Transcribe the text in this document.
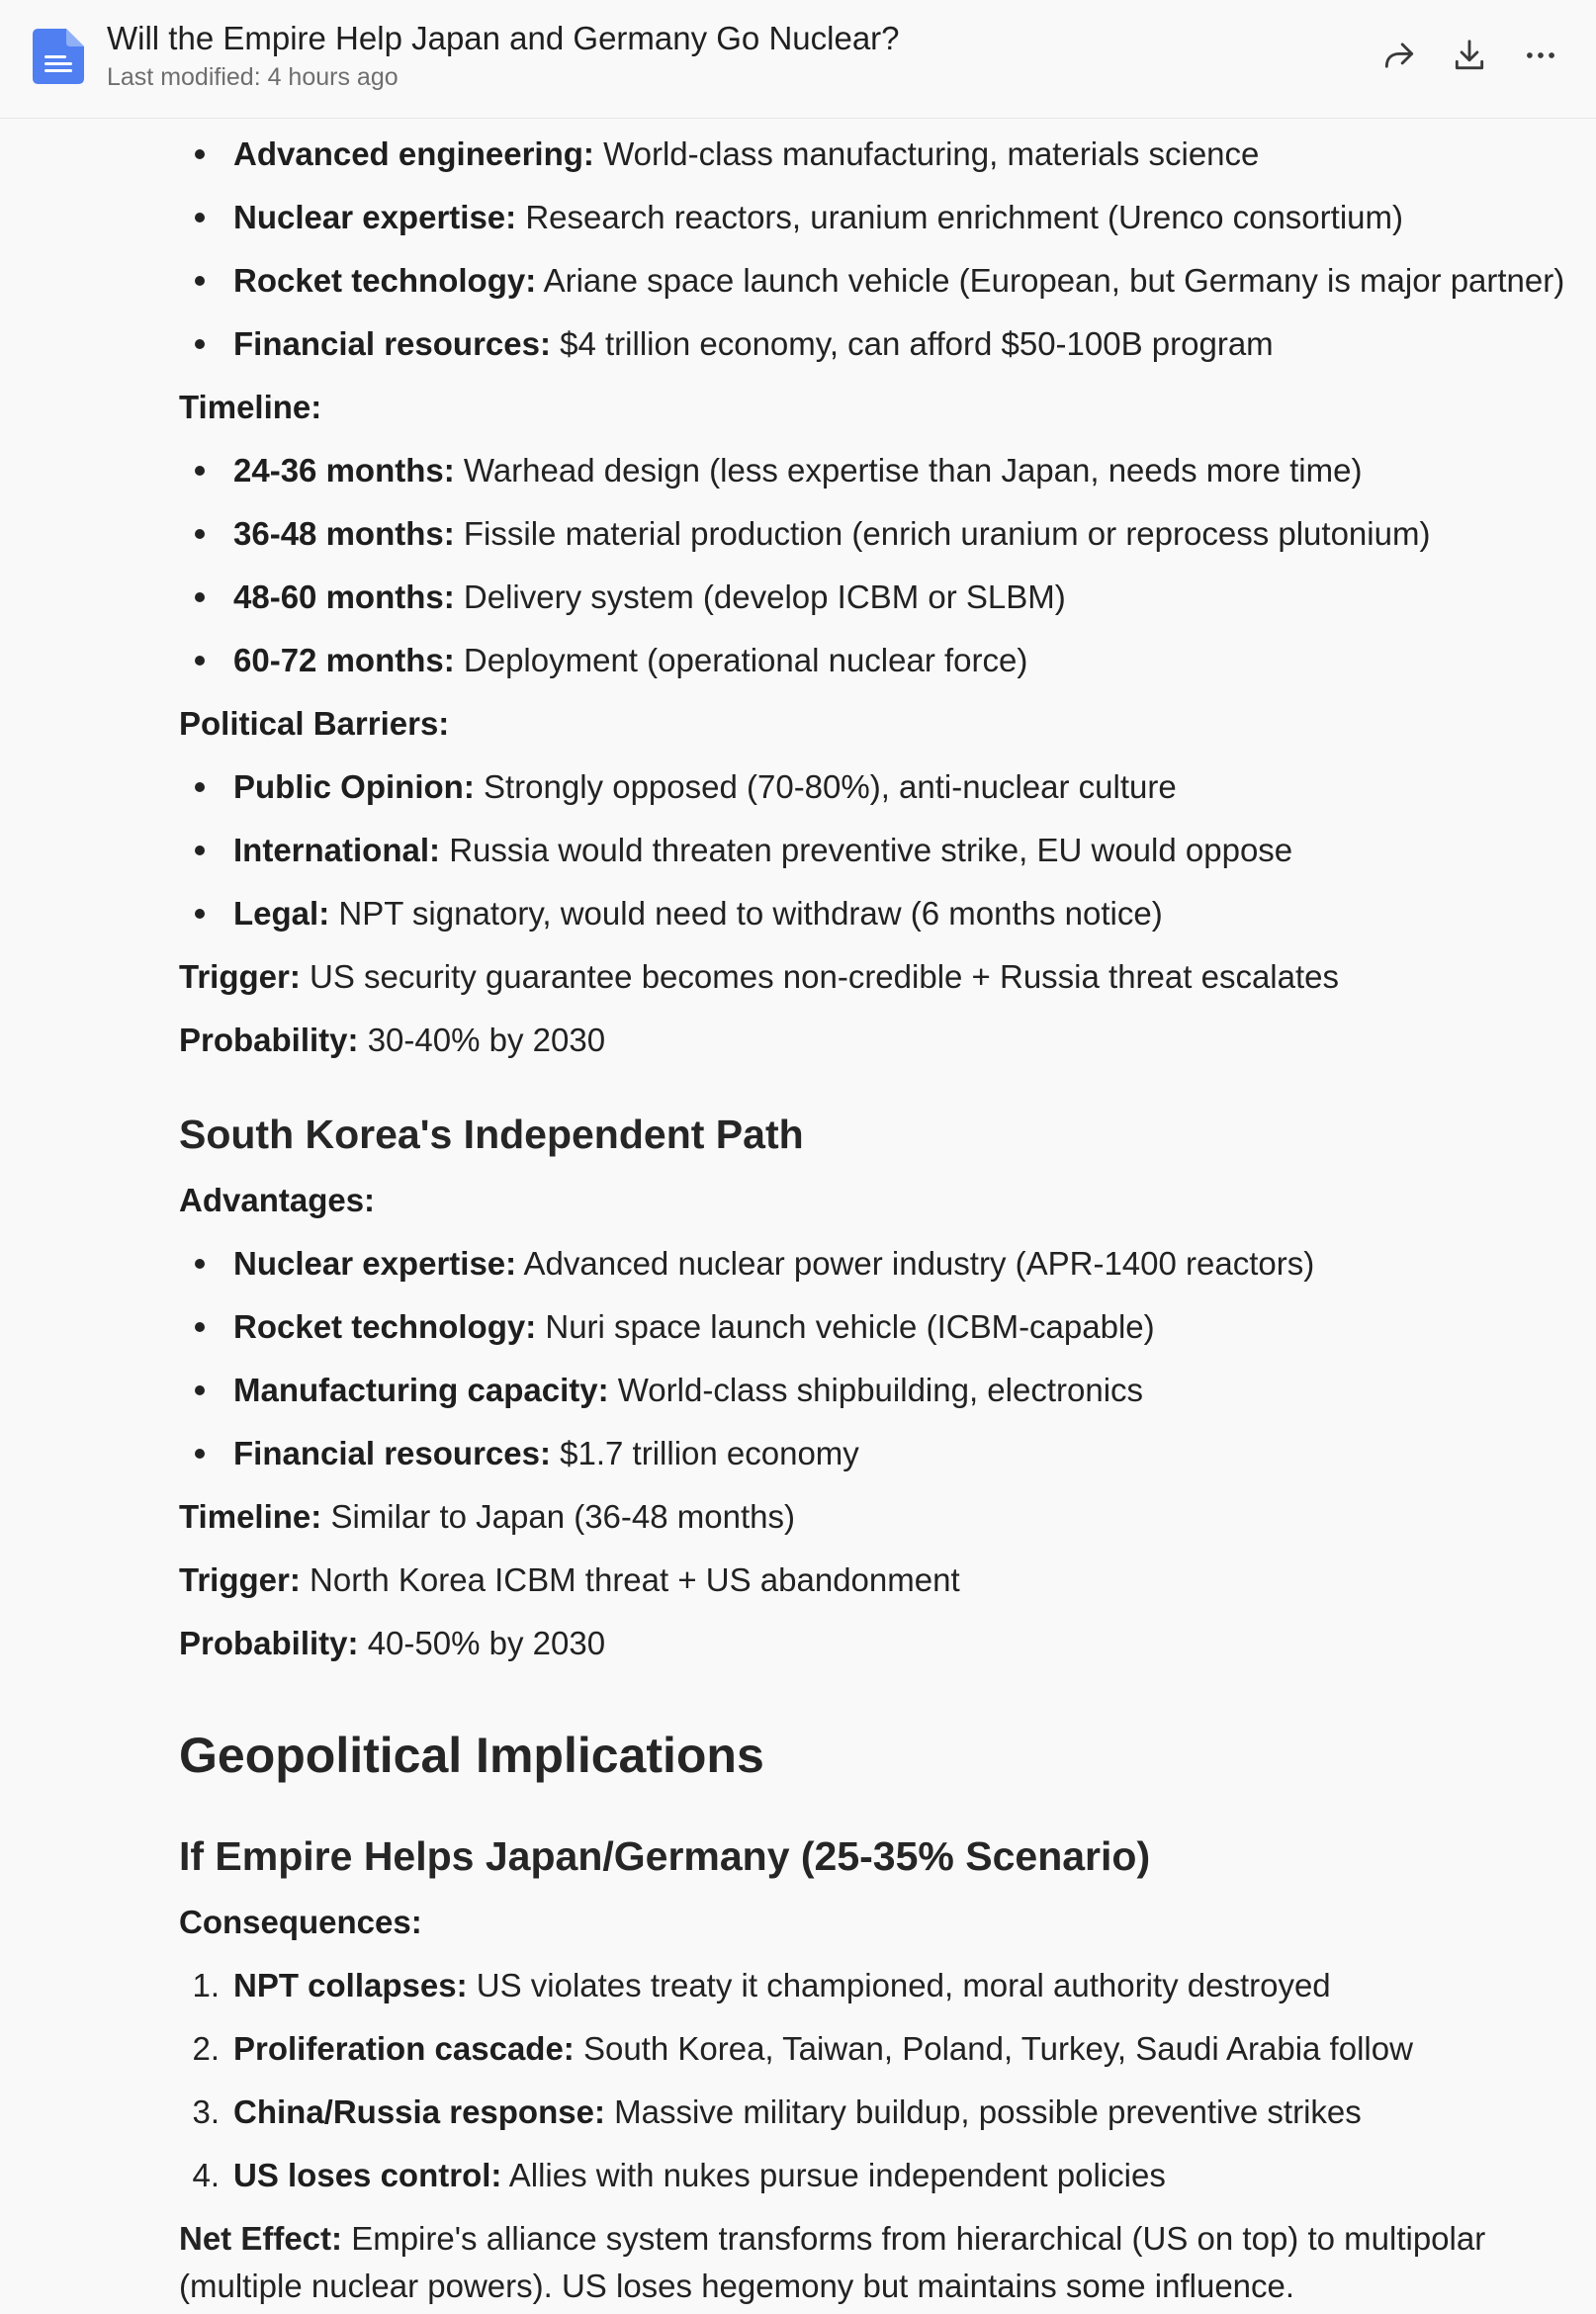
Will the Empire Help Japan and Germany Go Nuclear?
Last modified: 4 hours ago
Advanced engineering: World-class manufacturing, materials science
Nuclear expertise: Research reactors, uranium enrichment (Urenco consortium)
Rocket technology: Ariane space launch vehicle (European, but Germany is major partner)
Financial resources: $4 trillion economy, can afford $50-100B program
Timeline:
24-36 months: Warhead design (less expertise than Japan, needs more time)
36-48 months: Fissile material production (enrich uranium or reprocess plutonium)
48-60 months: Delivery system (develop ICBM or SLBM)
60-72 months: Deployment (operational nuclear force)
Political Barriers:
Public Opinion: Strongly opposed (70-80%), anti-nuclear culture
International: Russia would threaten preventive strike, EU would oppose
Legal: NPT signatory, would need to withdraw (6 months notice)
Trigger: US security guarantee becomes non-credible + Russia threat escalates
Probability: 30-40% by 2030
South Korea's Independent Path
Advantages:
Nuclear expertise: Advanced nuclear power industry (APR-1400 reactors)
Rocket technology: Nuri space launch vehicle (ICBM-capable)
Manufacturing capacity: World-class shipbuilding, electronics
Financial resources: $1.7 trillion economy
Timeline: Similar to Japan (36-48 months)
Trigger: North Korea ICBM threat + US abandonment
Probability: 40-50% by 2030
Geopolitical Implications
If Empire Helps Japan/Germany (25-35% Scenario)
Consequences:
1. NPT collapses: US violates treaty it championed, moral authority destroyed
2. Proliferation cascade: South Korea, Taiwan, Poland, Turkey, Saudi Arabia follow
3. China/Russia response: Massive military buildup, possible preventive strikes
4. US loses control: Allies with nukes pursue independent policies
Net Effect: Empire's alliance system transforms from hierarchical (US on top) to multipolar (multiple nuclear powers). US loses hegemony but maintains some influence.
